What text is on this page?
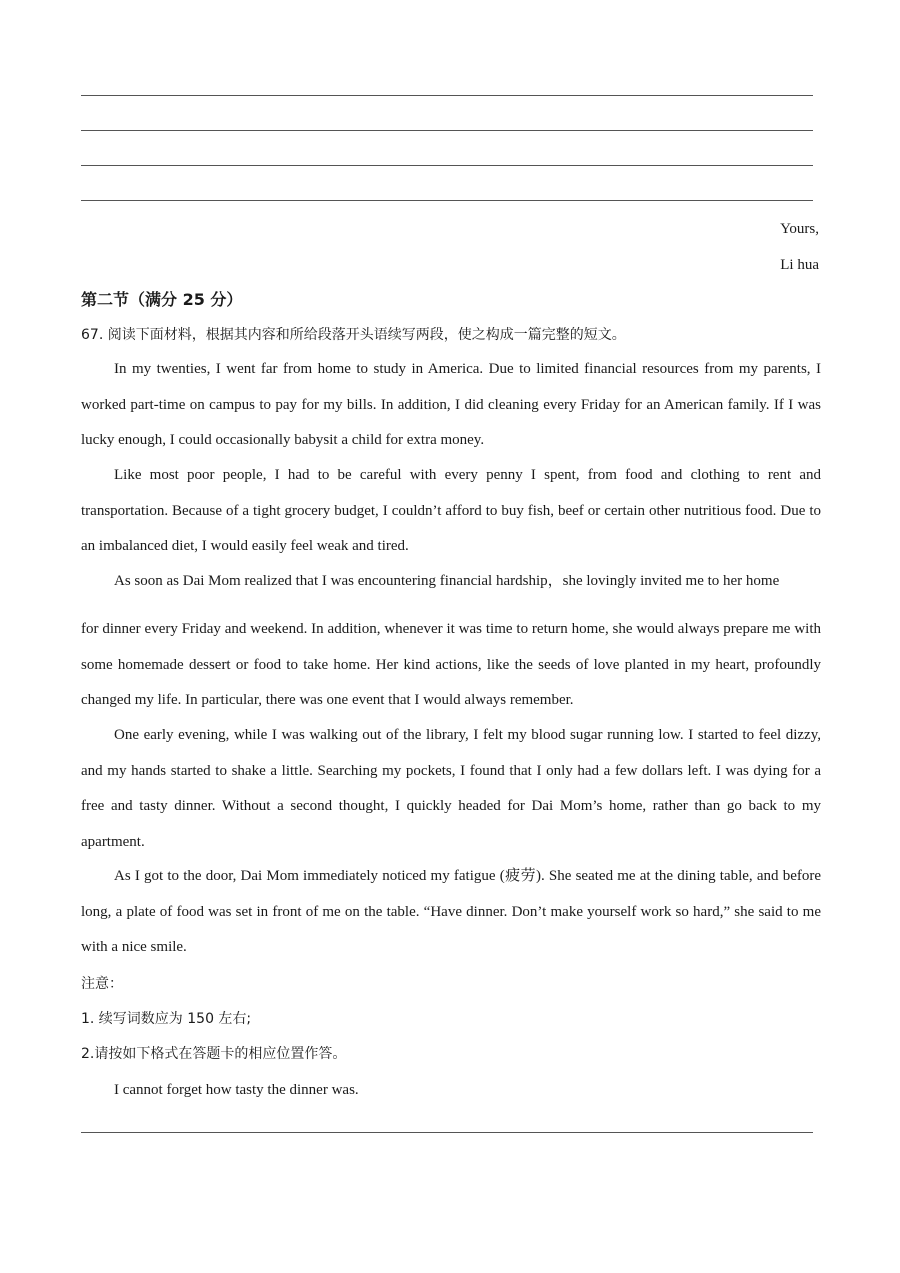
Yours,
Li hua
第二节（满分 25 分）
67. 阅读下面材料，根据其内容和所给段落开头语续写两段，使之构成一篇完整的短文。
In my twenties, I went far from home to study in America. Due to limited financial resources from my parents, I worked part-time on campus to pay for my bills. In addition, I did cleaning every Friday for an American family. If I was lucky enough, I could occasionally babysit a child for extra money.
Like most poor people, I had to be careful with every penny I spent, from food and clothing to rent and transportation. Because of a tight grocery budget, I couldn’t afford to buy fish, beef or certain other nutritious food. Due to an imbalanced diet, I would easily feel weak and tired.
As soon as Dai Mom realized that I was encountering financial hardship，she lovingly invited me to her home
for dinner every Friday and weekend. In addition, whenever it was time to return home, she would always prepare me with some homemade dessert or food to take home. Her kind actions, like the seeds of love planted in my heart, profoundly changed my life. In particular, there was one event that I would always remember.
One early evening, while I was walking out of the library, I felt my blood sugar running low. I started to feel dizzy, and my hands started to shake a little. Searching my pockets, I found that I only had a few dollars left. I was dying for a free and tasty dinner. Without a second thought, I quickly headed for Dai Mom’s home, rather than go back to my apartment.
As I got to the door, Dai Mom immediately noticed my fatigue (疲劳). She seated me at the dining table, and before long, a plate of food was set in front of me on the table. “Have dinner. Don’t make yourself work so hard,” she said to me with a nice smile.
注意：
1. 续写词数应为 150 左右;
2.请按如下格式在答题卡的相应位置作答。
I cannot forget how tasty the dinner was.
